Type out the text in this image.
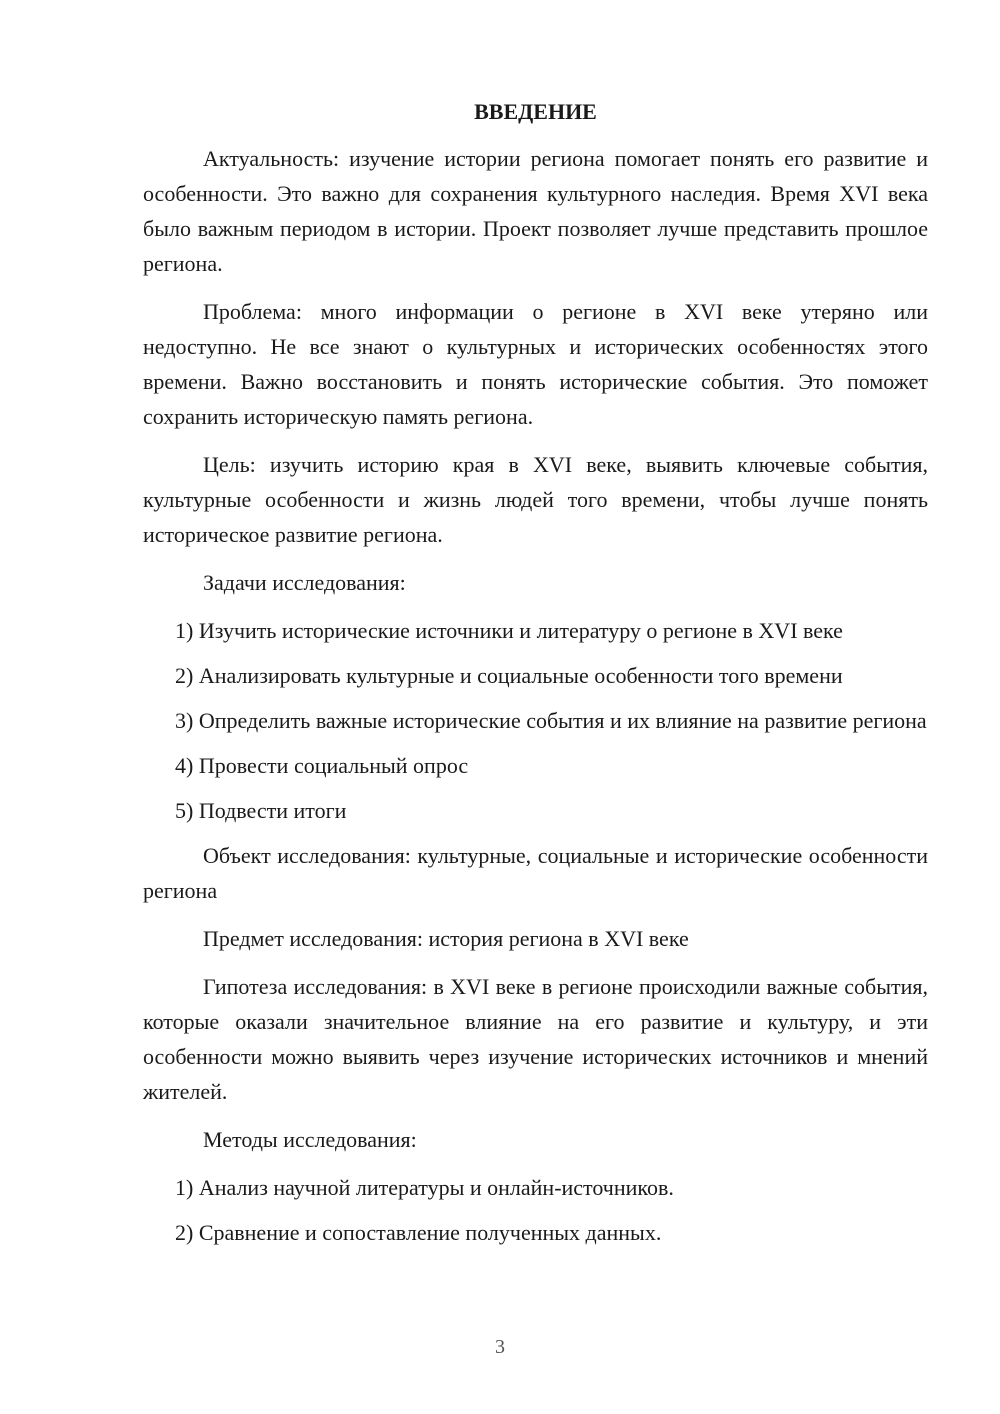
ВВЕДЕНИЕ

Актуальность: изучение истории региона помогает понять его развитие и особенности. Это важно для сохранения культурного наследия. Время XVI века было важным периодом в истории. Проект позволяет лучше представить прошлое региона.

Проблема: много информации о регионе в XVI веке утеряно или недоступно. Не все знают о культурных и исторических особенностях этого времени. Важно восстановить и понять исторические события. Это поможет сохранить историческую память региона.

Цель: изучить историю края в XVI веке, выявить ключевые события, культурные особенности и жизнь людей того времени, чтобы лучше понять историческое развитие региона.

Задачи исследования:

1) Изучить исторические источники и литературу о регионе в XVI веке

2) Анализировать культурные и социальные особенности того времени

3) Определить важные исторические события и их влияние на развитие региона

4) Провести социальный опрос

5) Подвести итоги

Объект исследования: культурные, социальные и исторические особенности региона

Предмет исследования: история региона в XVI веке

Гипотеза исследования: в XVI веке в регионе происходили важные события, которые оказали значительное влияние на его развитие и культуру, и эти особенности можно выявить через изучение исторических источников и мнений жителей.

Методы исследования:

1) Анализ научной литературы и онлайн-источников.

2) Сравнение и сопоставление полученных данных.

3
